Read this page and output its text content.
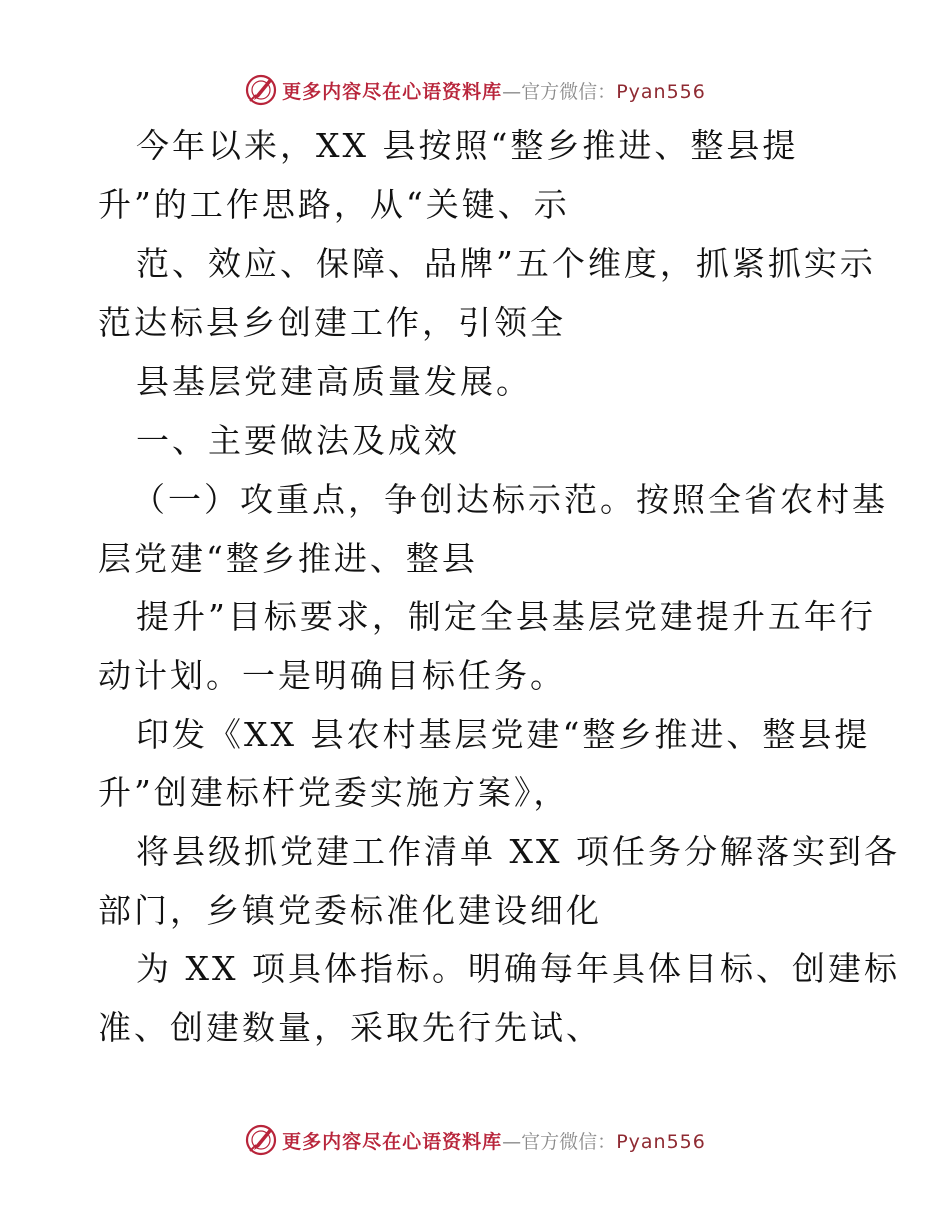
更多内容尽在心语资料库—官方微信：Pyan556
今年以来，XX 县按照“整乡推进、整县提
升”的工作思路，从“关键、示
范、效应、保障、品牌”五个维度，抓紧抓实示
范达标县乡创建工作，引领全
县基层党建高质量发展。
一、主要做法及成效
（一）攻重点，争创达标示范。按照全省农村基
层党建“整乡推进、整县
提升”目标要求，制定全县基层党建提升五年行
动计划。一是明确目标任务。
印发《XX 县农村基层党建“整乡推进、整县提
升”创建标杆党委实施方案》，
将县级抓党建工作清单 XX 项任务分解落实到各
部门，乡镇党委标准化建设细化
为 XX 项具体指标。明确每年具体目标、创建标
准、创建数量，采取先行先试、
更多内容尽在心语资料库—官方微信：Pyan556
